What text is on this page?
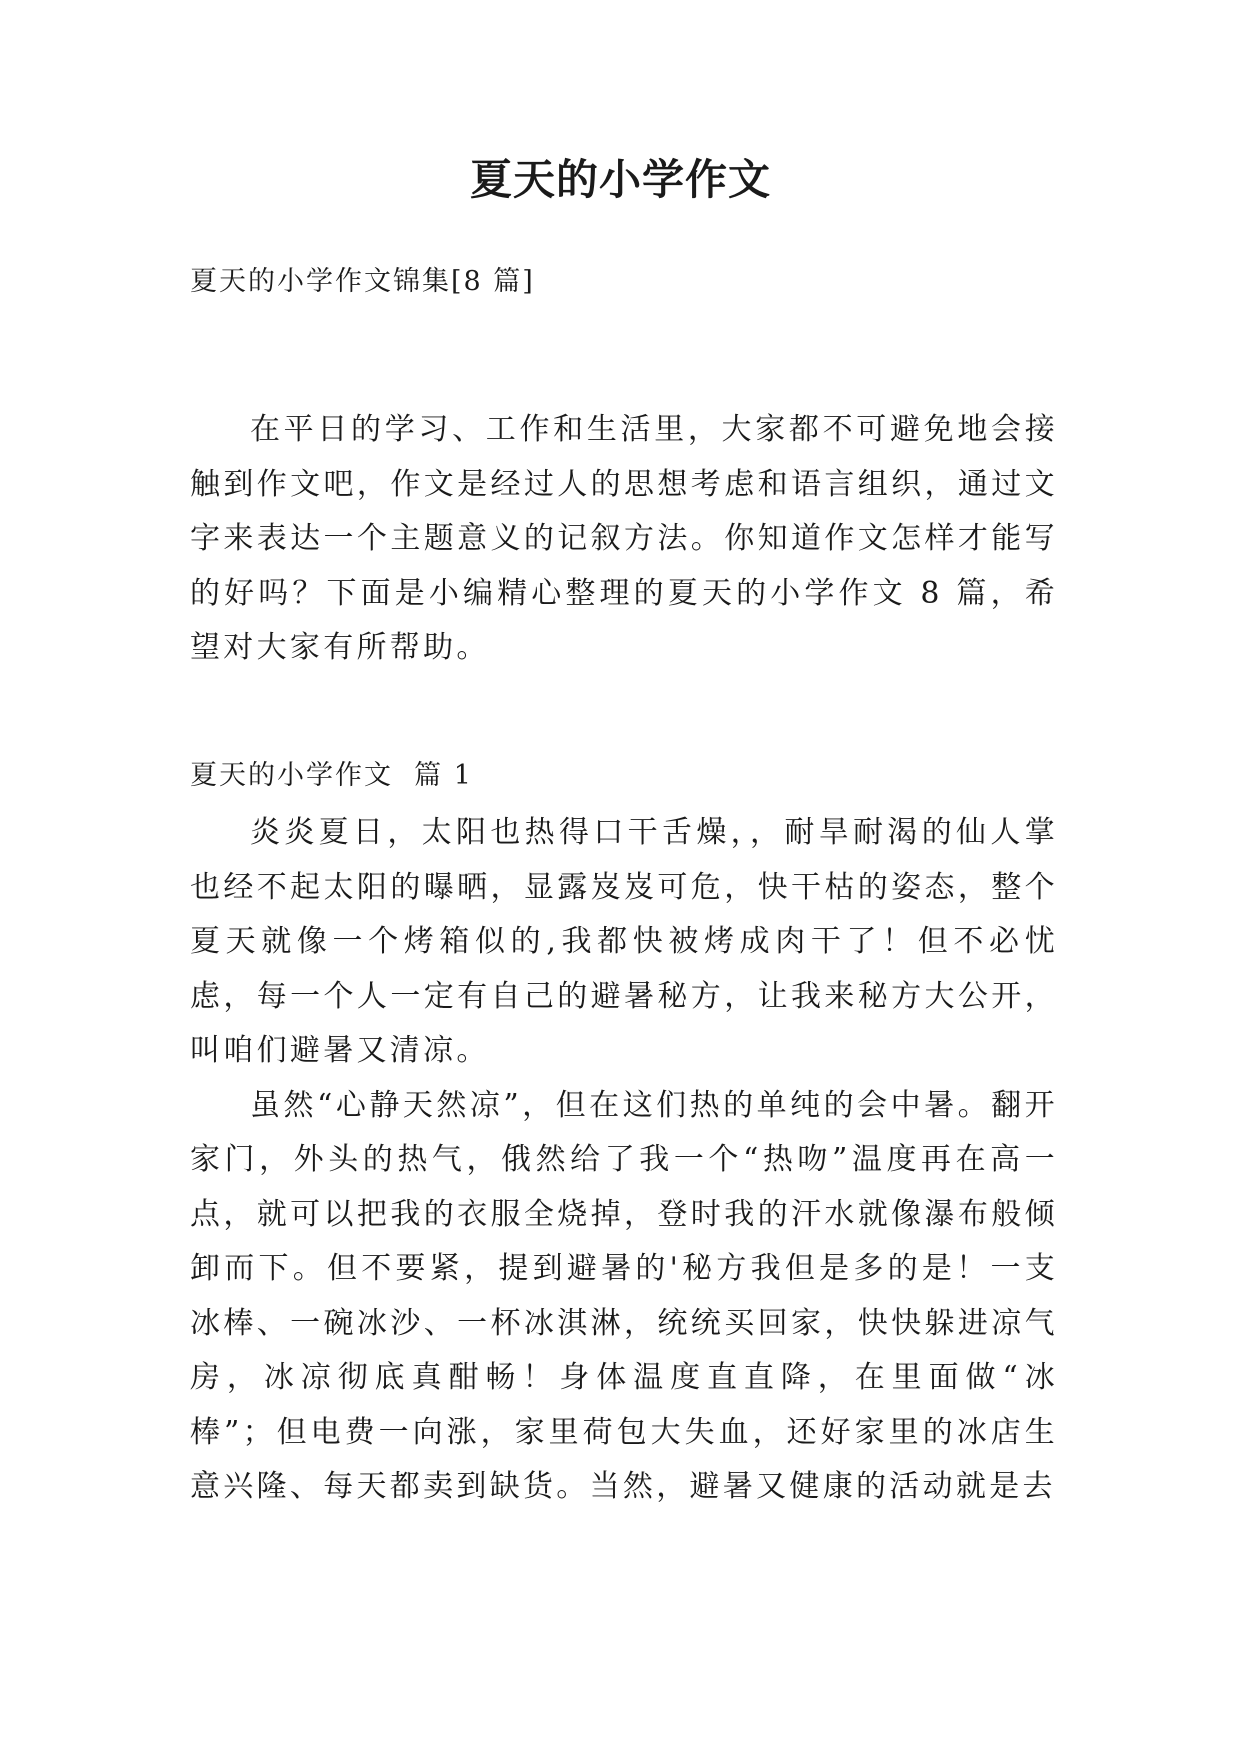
夏天的小学作文

夏天的小学作文锦集[8 篇]

在平日的学习、工作和生活里，大家都不可避免地会接触到作文吧，作文是经过人的思想考虑和语言组织，通过文字来表达一个主题意义的记叙方法。你知道作文怎样才能写的好吗？下面是小编精心整理的夏天的小学作文 8 篇，希望对大家有所帮助。

夏天的小学作文  篇 1

炎炎夏日，太阳也热得口干舌燥，，耐旱耐渴的仙人掌也经不起太阳的曝晒，显露岌岌可危，快干枯的姿态，整个夏天就像一个烤箱似的,我都快被烤成肉干了！但不必忧虑，每一个人一定有自己的避暑秘方，让我来秘方大公开，叫咱们避暑又清凉。

虽然“心静天然凉”，但在这们热的单纯的会中暑。翻开家门，外头的热气，俄然给了我一个“热吻”温度再在高一点，就可以把我的衣服全烧掉，登时我的汗水就像瀑布般倾卸而下。但不要紧，提到避暑的'秘方我但是多的是！一支冰棒、一碗冰沙、一杯冰淇淋，统统买回家，快快躲进凉气房，冰凉彻底真酣畅！身体温度直直降，在里面做“冰棒”；但电费一向涨，家里荷包大失血，还好家里的冰店生意兴隆、每天都卖到缺货。当然，避暑又健康的活动就是去
